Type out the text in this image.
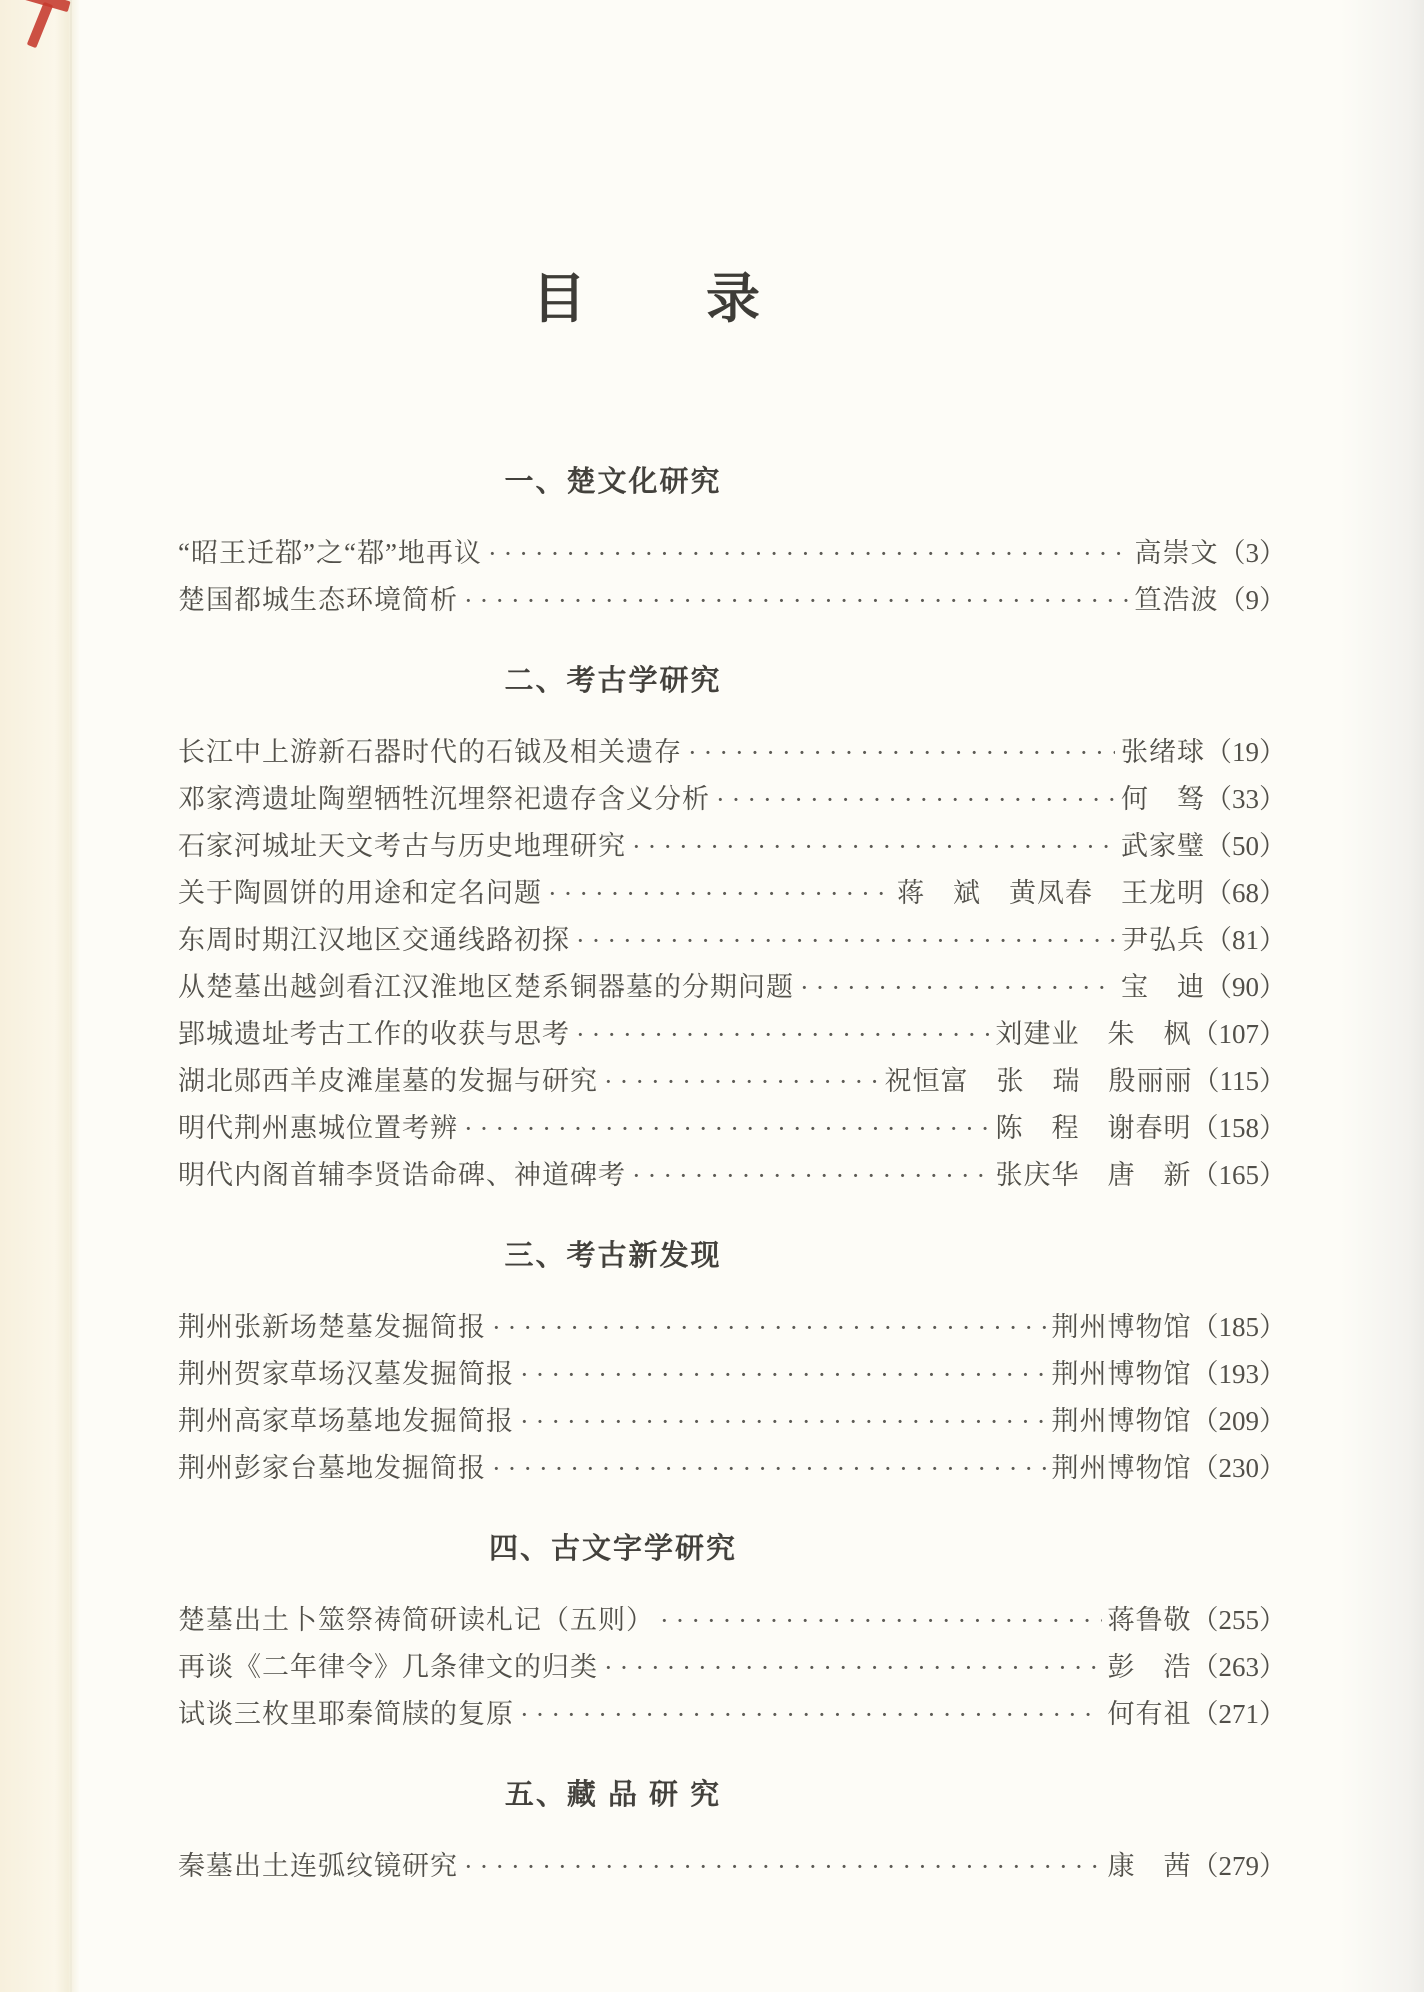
目　　录
一、楚文化研究
“昭王迁鄀”之“鄀”地再议 ·····	高崇文 （3）
楚国都城生态环境简析 ·····	笪浩波 （9）
二、考古学研究
长江中上游新石器时代的石钺及相关遗存 ·····	张绪球 （19）
邓家湾遗址陶塑牺牲沉埋祭祀遗存含义分析 ·····	何　驽 （33）
石家河城址天文考古与历史地理研究 ·····	武家璧 （50）
关于陶圆饼的用途和定名问题 ·····	蒋　斌　黄凤春　王龙明 （68）
东周时期江汉地区交通线路初探 ·····	尹弘兵 （81）
从楚墓出越剑看江汉淮地区楚系铜器墓的分期问题 ·····	宝　迪 （90）
郢城遗址考古工作的收获与思考 ·····	刘建业　朱　枫 （107）
湖北郧西羊皮滩崖墓的发掘与研究 ·····	祝恒富　张　瑞　殷丽丽 （115）
明代荆州惠城位置考辨 ·····	陈　程　谢春明 （158）
明代内阁首辅李贤诰命碑、神道碑考 ·····	张庆华　唐　新 （165）
三、考古新发现
荆州张新场楚墓发掘简报 ·····	荆州博物馆 （185）
荆州贺家草场汉墓发掘简报 ·····	荆州博物馆 （193）
荆州高家草场墓地发掘简报 ·····	荆州博物馆 （209）
荆州彭家台墓地发掘简报 ·····	荆州博物馆 （230）
四、古文字学研究
楚墓出土卜筮祭祷简研读札记（五则） ·····	蒋鲁敬 （255）
再谈《二年律令》几条律文的归类 ·····	彭　浩 （263）
试谈三枚里耶秦简牍的复原 ·····	何有祖 （271）
五、藏 品 研 究
秦墓出土连弧纹镜研究 ·····	康　茜 （279）
